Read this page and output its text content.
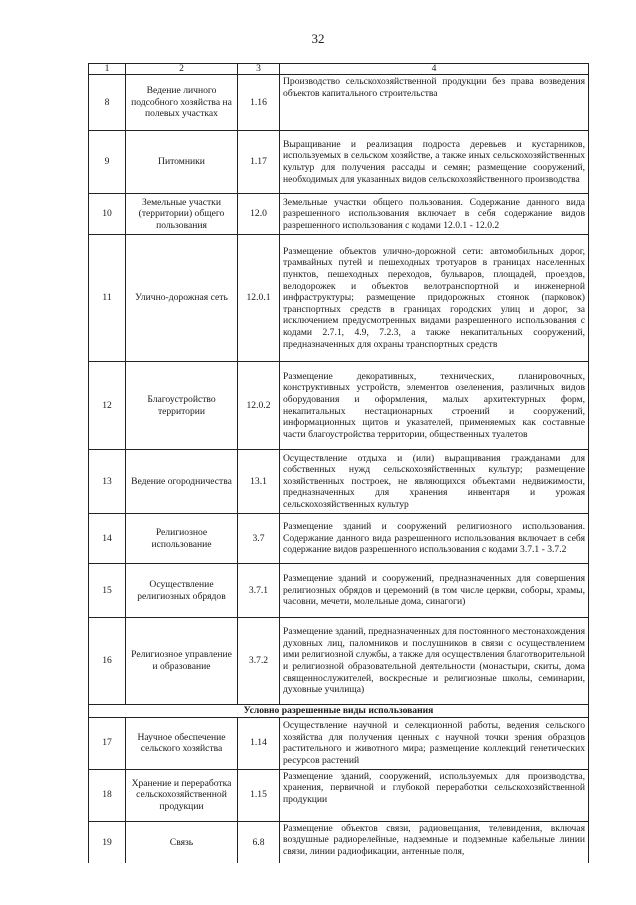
32
1	2	3	4
8	Ведение личного подсобного хозяйства на полевых участках	1.16	Производство сельскохозяйственной продукции без права возведения объектов капитального строительства
9	Питомники	1.17	Выращивание и реализация подроста деревьев и кустарников, используемых в сельском хозяйстве, а также иных сельскохозяйственных культур для получения рассады и семян; размещение сооружений, необходимых для указанных видов сельскохозяйственного производства
10	Земельные участки (территории) общего пользования	12.0	Земельные участки общего пользования. Содержание данного вида разрешенного использования включает в себя содержание видов разрешенного использования с кодами 12.0.1 - 12.0.2
11	Улично-дорожная сеть	12.0.1	Размещение объектов улично-дорожной сети: автомобильных дорог, трамвайных путей и пешеходных тротуаров в границах населенных пунктов, пешеходных переходов, бульваров, площадей, проездов, велодорожек и объектов велотранспортной и инженерной инфраструктуры; размещение придорожных стоянок (парковок) транспортных средств в границах городских улиц и дорог, за исключением предусмотренных видами разрешенного использования с кодами 2.7.1, 4.9, 7.2.3, а также некапитальных сооружений, предназначенных для охраны транспортных средств
12	Благоустройство территории	12.0.2	Размещение декоративных, технических, планировочных, конструктивных устройств, элементов озеленения, различных видов оборудования и оформления, малых архитектурных форм, некапитальных нестационарных строений и сооружений, информационных щитов и указателей, применяемых как составные части благоустройства территории, общественных туалетов
13	Ведение огородничества	13.1	Осуществление отдыха и (или) выращивания гражданами для собственных нужд сельскохозяйственных культур; размещение хозяйственных построек, не являющихся объектами недвижимости, предназначенных для хранения инвентаря и урожая сельскохозяйственных культур
14	Религиозное использование	3.7	Размещение зданий и сооружений религиозного использования. Содержание данного вида разрешенного использования включает в себя содержание видов разрешенного использования с кодами 3.7.1 - 3.7.2
15	Осуществление религиозных обрядов	3.7.1	Размещение зданий и сооружений, предназначенных для совершения религиозных обрядов и церемоний (в том числе церкви, соборы, храмы, часовни, мечети, молельные дома, синагоги)
16	Религиозное управление и образование	3.7.2	Размещение зданий, предназначенных для постоянного местонахождения духовных лиц, паломников и послушников в связи с осуществлением ими религиозной службы, а также для осуществления благотворительной и религиозной образовательной деятельности (монастыри, скиты, дома священнослужителей, воскресные и религиозные школы, семинарии, духовные училища)
Условно разрешенные виды использования			
17	Научное обеспечение сельского хозяйства	1.14	Осуществление научной и селекционной работы, ведения сельского хозяйства для получения ценных с научной точки зрения образцов растительного и животного мира; размещение коллекций генетических ресурсов растений
18	Хранение и переработка сельскохозяйственной продукции	1.15	Размещение зданий, сооружений, используемых для производства, хранения, первичной и глубокой переработки сельскохозяйственной продукции
19	Связь	6.8	Размещение объектов связи, радиовещания, телевидения, включая воздушные радиорелейные, надземные и подземные кабельные линии связи, линии радиофикации, антенные поля,
